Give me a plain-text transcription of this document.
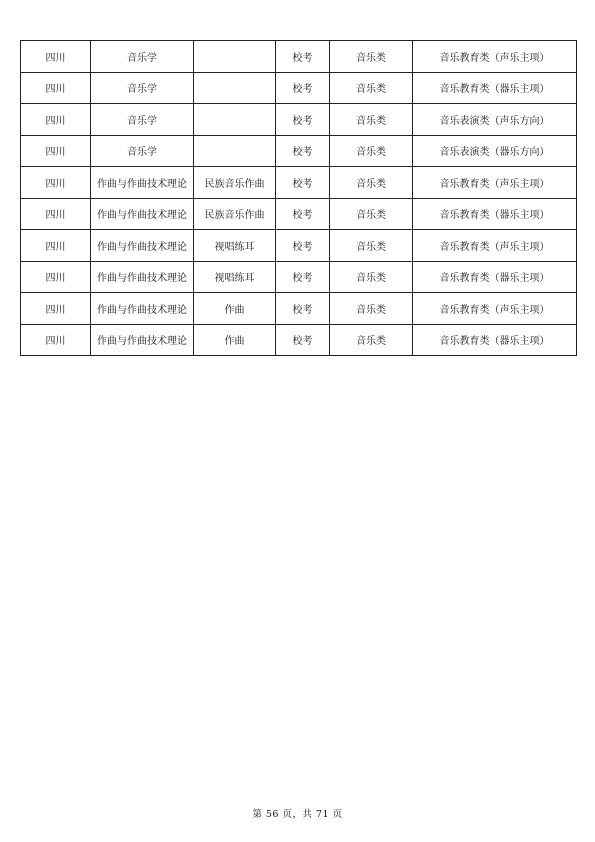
四川	音乐学		校考	音乐类	音乐教育类（声乐主项）
四川	音乐学		校考	音乐类	音乐教育类（器乐主项）
四川	音乐学		校考	音乐类	音乐表演类（声乐方向）
四川	音乐学		校考	音乐类	音乐表演类（器乐方向）
四川	作曲与作曲技术理论	民族音乐作曲	校考	音乐类	音乐教育类（声乐主项）
四川	作曲与作曲技术理论	民族音乐作曲	校考	音乐类	音乐教育类（器乐主项）
四川	作曲与作曲技术理论	视唱练耳	校考	音乐类	音乐教育类（声乐主项）
四川	作曲与作曲技术理论	视唱练耳	校考	音乐类	音乐教育类（器乐主项）
四川	作曲与作曲技术理论	作曲	校考	音乐类	音乐教育类（声乐主项）
四川	作曲与作曲技术理论	作曲	校考	音乐类	音乐教育类（器乐主项）
第 56 页，共 71 页
